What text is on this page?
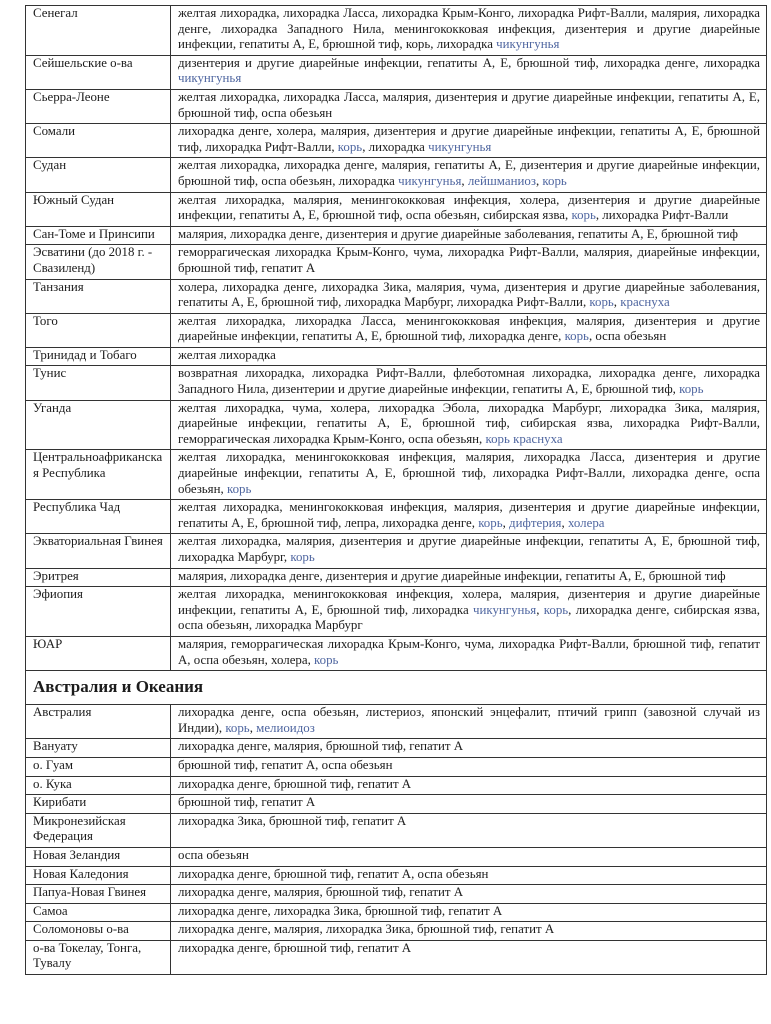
Сенегал	желтая лихорадка, лихорадка Ласса, лихорадка Крым-Конго, лихорадка Рифт-Валли, малярия, лихорадка денге, лихорадка Западного Нила, менингококковая инфекция, дизентерия и другие диарейные инфекции, гепатиты А, Е, брюшной тиф, корь, лихорадка чикунгунья
Сейшельские о-ва	дизентерия и другие диарейные инфекции, гепатиты А, Е, брюшной тиф, лихорадка денге, лихорадка чикунгунья
Сьерра-Леоне	желтая лихорадка, лихорадка Ласса, малярия, дизентерия и другие диарейные инфекции, гепатиты А, Е, брюшной тиф, оспа обезьян
Сомали	лихорадка денге, холера, малярия, дизентерия и другие диарейные инфекции, гепатиты А, Е, брюшной тиф, лихорадка Рифт-Валли, корь, лихорадка чикунгунья
Судан	желтая лихорадка, лихорадка денге, малярия, гепатиты А, Е, дизентерия и другие диарейные инфекции, брюшной тиф, оспа обезьян, лихорадка чикунгунья, лейшманиоз, корь
Южный Судан	желтая лихорадка, малярия, менингококковая инфекция, холера, дизентерия и другие диарейные инфекции, гепатиты А, Е, брюшной тиф, оспа обезьян, сибирская язва, корь, лихорадка Рифт-Валли
Сан-Томе и Принсипи	малярия, лихорадка денге, дизентерия и другие диарейные заболевания, гепатиты А, Е, брюшной тиф
Эсватини (до 2018 г. - Свазиленд)	геморрагическая лихорадка Крым-Конго, чума, лихорадка Рифт-Валли, малярия, диарейные инфекции, брюшной тиф, гепатит А
Танзания	холера, лихорадка денге, лихорадка Зика, малярия, чума, дизентерия и другие диарейные заболевания, гепатиты А, Е, брюшной тиф, лихорадка Марбург, лихорадка Рифт-Валли, корь, краснуха
Того	желтая лихорадка, лихорадка Ласса, менингококковая инфекция, малярия, дизентерия и другие диарейные инфекции, гепатиты А, Е, брюшной тиф, лихорадка денге, корь, оспа обезьян
Тринидад и Тобаго	желтая лихорадка
Тунис	возвратная лихорадка, лихорадка Рифт-Валли, флеботомная лихорадка, лихорадка денге, лихорадка Западного Нила, дизентерии и другие диарейные инфекции, гепатиты А, Е, брюшной тиф, корь
Уганда	желтая лихорадка, чума, холера, лихорадка Эбола, лихорадка Марбург, лихорадка Зика, малярия, диарейные инфекции, гепатиты А, Е, брюшной тиф, сибирская язва, лихорадка Рифт-Валли, геморрагическая лихорадка Крым-Конго, оспа обезьян, корь краснуха
Центральноафриканская Республика	желтая лихорадка, менингококковая инфекция, малярия, лихорадка Ласса, дизентерия и другие диарейные инфекции, гепатиты А, Е, брюшной тиф, лихорадка Рифт-Валли, лихорадка денге, оспа обезьян, корь
Республика Чад	желтая лихорадка, менингококковая инфекция, малярия, дизентерия и другие диарейные инфекции, гепатиты А, Е, брюшной тиф, лепра, лихорадка денге, корь, дифтерия, холера
Экваториальная Гвинея	желтая лихорадка, малярия, дизентерия и другие диарейные инфекции, гепатиты А, Е, брюшной тиф, лихорадка Марбург, корь
Эритрея	малярия, лихорадка денге, дизентерия и другие диарейные инфекции, гепатиты А, Е, брюшной тиф
Эфиопия	желтая лихорадка, менингококковая инфекция, холера, малярия, дизентерия и другие диарейные инфекции, гепатиты А, Е, брюшной тиф, лихорадка чикунгунья, корь, лихорадка денге, сибирская язва, оспа обезьян, лихорадка Марбург
ЮАР	малярия, геморрагическая лихорадка Крым-Конго, чума, лихорадка Рифт-Валли, брюшной тиф, гепатит А, оспа обезьян, холера, корь
Австралия и Океания	
Австралия	лихорадка денге, оспа обезьян, листериоз, японский энцефалит, птичий грипп (завозной случай из Индии), корь, мелиоидоз
Вануату	лихорадка денге, малярия, брюшной тиф, гепатит А
о. Гуам	брюшной тиф, гепатит А, оспа обезьян
о. Кука	лихорадка денге, брюшной тиф, гепатит А
Кирибати	брюшной тиф, гепатит А
Микронезийская Федерация	лихорадка Зика, брюшной тиф, гепатит А
Новая Зеландия	оспа обезьян
Новая Каледония	лихорадка денге, брюшной тиф, гепатит А, оспа обезьян
Папуа-Новая Гвинея	лихорадка денге, малярия, брюшной тиф, гепатит А
Самоа	лихорадка денге, лихорадка Зика, брюшной тиф, гепатит А
Соломоновы о-ва	лихорадка денге, малярия, лихорадка Зика, брюшной тиф, гепатит А
о-ва Токелау, Тонга, Тувалу	лихорадка денге, брюшной тиф, гепатит А
